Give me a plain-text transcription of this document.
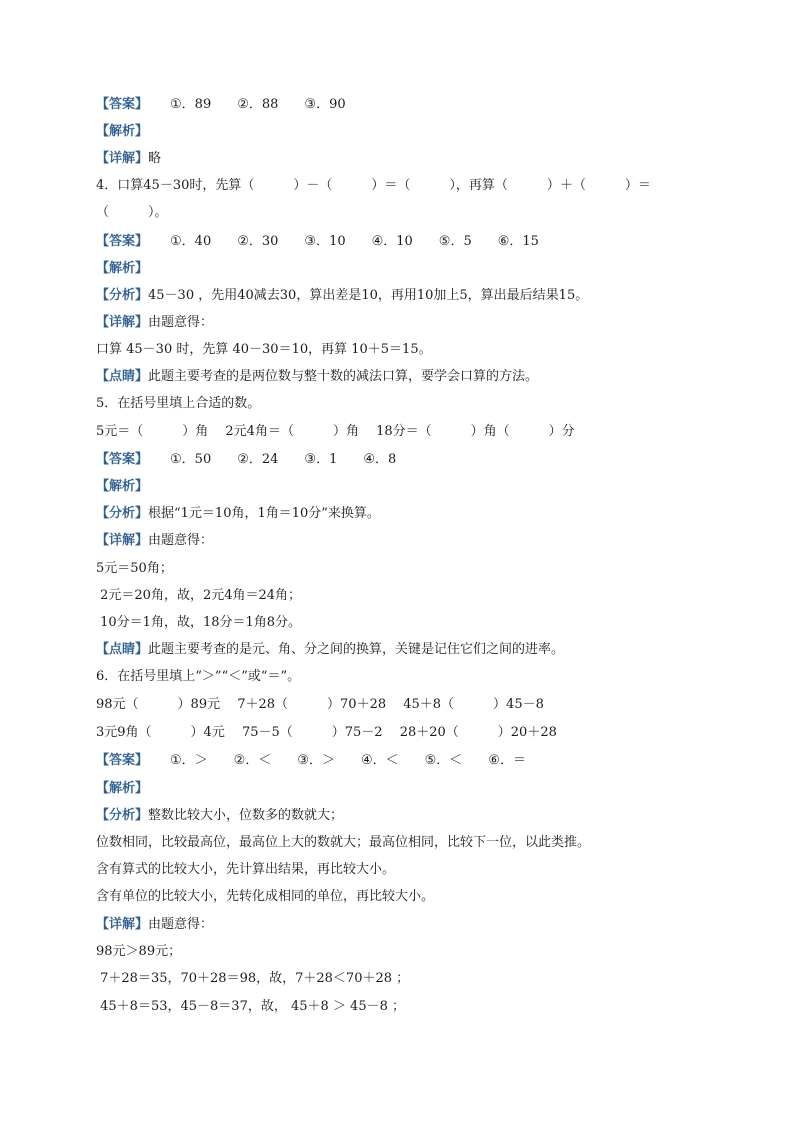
【答案】 ①．89　　②．88　　③．90
【解析】
【详解】略
4．口算45－30时，先算（　　　）－（　　　）＝（　　　），再算（　　　）＋（　　　）＝
（　　　）。
【答案】 ①．40　　②．30　　③．10　　④．10　　⑤．5　　⑥．15
【解析】
【分析】45－30 ，先用40减去30，算出差是10，再用10加上5，算出最后结果15。
【详解】由题意得：
口算 45－30 时，先算 40－30＝10，再算 10＋5＝15。
【点睛】此题主要考查的是两位数与整十数的减法口算，要学会口算的方法。
5．在括号里填上合适的数。
5元＝（　　　）角　 2元4角＝（　　　）角　 18分＝（　　　）角（　　　）分
【答案】 ①．50　　②．24　　③．1　　④．8
【解析】
【分析】根据“1元＝10角，1角＝10分”来换算。
【详解】由题意得：
5元＝50角；
2元＝20角，故，2元4角＝24角；
10分＝1角，故，18分＝1角8分。
【点睛】此题主要考查的是元、角、分之间的换算，关键是记住它们之间的进率。
6．在括号里填上“＞”“＜”或“＝”。
98元（　　　）89元　 7＋28（　　　）70＋28　 45＋8（　　　）45－8
3元9角（　　　）4元　 75－5（　　　）75－2　 28＋20（　　　）20＋28
【答案】 ①．＞　　②．＜　　③．＞　　④．＜　　⑤．＜　　⑥．＝
【解析】
【分析】整数比较大小，位数多的数就大；
位数相同，比较最高位，最高位上大的数就大；最高位相同，比较下一位，以此类推。
含有算式的比较大小，先计算出结果，再比较大小。
含有单位的比较大小，先转化成相同的单位，再比较大小。
【详解】由题意得：
98元＞89元；
7＋28＝35，70＋28＝98，故，7＋28＜70＋28 ；
45＋8＝53，45－8＝37，故， 45＋8 ＞ 45－8 ；
